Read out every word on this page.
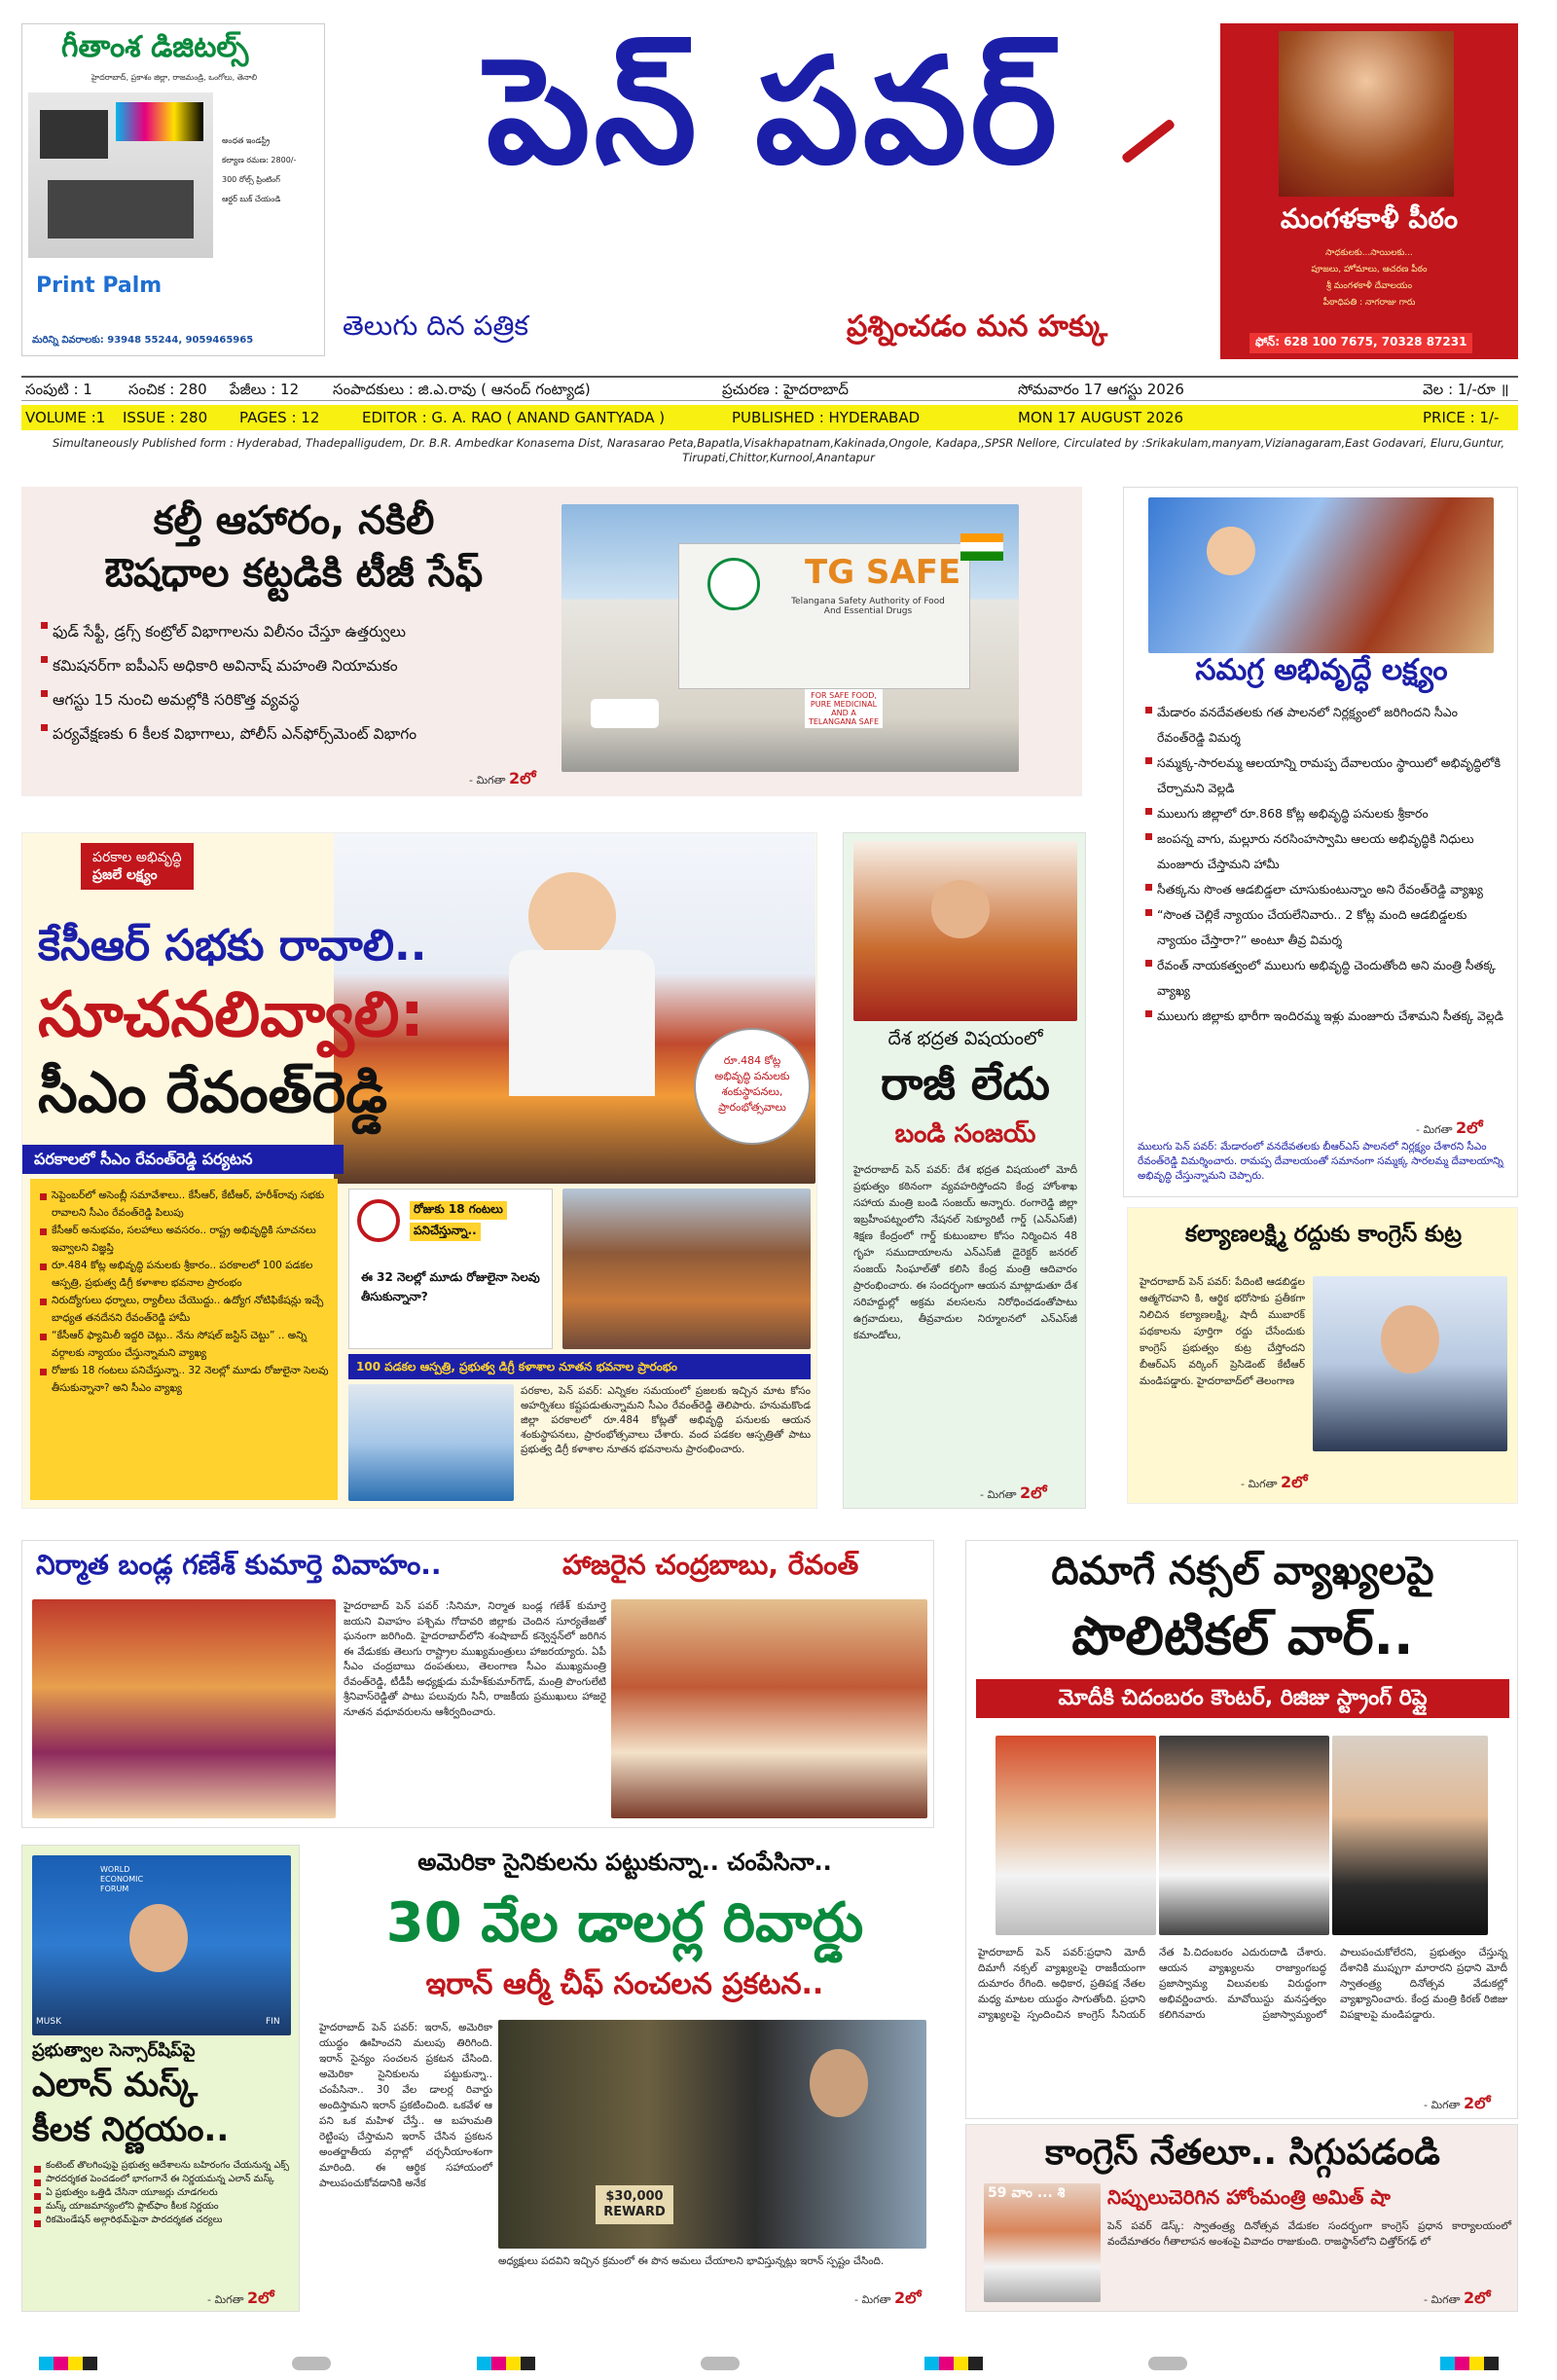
గీతాంశ డిజిటల్స్
హైదరాబాద్, ప్రకాశం జిల్లా, రాజమండ్రి, ఒంగోలు, తెనాలి
అంధత ఇండస్ట్రీ
కల్యాణ రమణ: 2800/-
300 రోల్స్ ప్రింటింగ్
ఆర్డర్ బుక్ చేయండి
Print Palm
మరిన్ని వివరాలకు: 93948 55244, 9059465965
పెన్ పవర్
తెలుగు దిన పత్రిక	ప్రశ్నించడం మన హక్కు
మంగళకాళీ పీఠం
సాధకులకు...సాయిలకు...
పూజలు, హోమాలు, ఆచరణ పీఠం
శ్రీ మంగళకాళీ దేవాలయం
పీఠాధిపతి : నాగరాజు గారు
ఫోన్: 628 100 7675, 70328 87231
సంపుటి : 1 సంచిక : 280 పేజీలు : 12 సంపాదకులు : జి.ఎ.రావు ( ఆనంద్ గంట్యాడ)	ప్రచురణ : హైదరాబాద్	సోమవారం 17 ఆగస్టు 2026	వెల : 1/-రూ ॥
VOLUME :1 ISSUE : 280 PAGES : 12	EDITOR : G. A. RAO ( ANAND GANTYADA )	PUBLISHED : HYDERABAD	MON 17 AUGUST 2026	PRICE : 1/-
Simultaneously Published form : Hyderabad, Thadepalligudem, Dr. B.R. Ambedkar Konasema Dist, Narasarao Peta,Bapatla,Visakhapatnam,Kakinada,Ongole, Kadapa,,SPSR Nellore, Circulated by :Srikakulam,manyam,Vizianagaram,East Godavari, Eluru,Guntur, Tirupati,Chittor,Kurnool,Anantapur
కల్తీ ఆహారం, నకిలీ
ఔషధాల కట్టడికి టీజీ సేఫ్
ఫుడ్ సేఫ్టీ, డ్రగ్స్ కంట్రోల్ విభాగాలను విలీనం చేస్తూ ఉత్తర్వులు
కమిషనర్‌గా ఐపీఎస్ అధికారి అవినాష్ మహంతి నియామకం
ఆగస్టు 15 నుంచి అమల్లోకి సరికొత్త వ్యవస్థ
పర్యవేక్షణకు 6 కీలక విభాగాలు, పోలీస్ ఎన్‌ఫోర్స్‌మెంట్ విభాగం
- మిగతా 2లో
TG SAFE
Telangana Safety Authority of Food And Essential Drugs
FOR SAFE FOOD, PURE MEDICINAL AND A TELANGANA SAFE
సమగ్ర అభివృద్ధే లక్ష్యం
మేడారం వనదేవతలకు గత పాలనలో నిర్లక్ష్యంలో జరిగిందని సీఎం రేవంత్‌రెడ్డి విమర్శ
సమ్మక్క-సారలమ్మ ఆలయాన్ని రామప్ప దేవాలయం స్థాయిలో అభివృద్ధిలోకి చేర్చామని వెల్లడి
ములుగు జిల్లాలో రూ.868 కోట్ల అభివృద్ధి పనులకు శ్రీకారం
జంపన్న వాగు, మల్లూరు నరసింహస్వామి ఆలయ అభివృద్ధికి నిధులు మంజూరు చేస్తామని హామీ
సీతక్కను సొంత ఆడబిడ్డలా చూసుకుంటున్నాం అని రేవంత్‌రెడ్డి వ్యాఖ్య
“సొంత చెల్లికే న్యాయం చేయలేనివారు.. 2 కోట్ల మంది ఆడబిడ్డలకు న్యాయం చేస్తారా?” అంటూ తీవ్ర విమర్శ
రేవంత్ నాయకత్వంలో ములుగు అభివృద్ధి చెందుతోంది అని మంత్రి సీతక్క వ్యాఖ్య
ములుగు జిల్లాకు భారీగా ఇందిరమ్మ ఇళ్లు మంజూరు చేశామని సీతక్క వెల్లడి
- మిగతా 2లో
ములుగు పెన్ పవర్: మేడారంలో వనదేవతలకు బీఆర్ఎస్ పాలనలో నిర్లక్ష్యం చేశారని సీఎం రేవంత్‌రెడ్డి విమర్శించారు. రామప్ప దేవాలయంతో సమానంగా సమ్మక్క సారలమ్మ దేవాలయాన్ని అభివృద్ధి చేస్తున్నామని చెప్పారు.
పరకాల అభివృద్ధి
ప్రజలే లక్ష్యం
కేసీఆర్ సభకు రావాలి..
సూచనలివ్వాలి:
సీఎం రేవంత్‌రెడ్డి	రూ.484 కోట్ల అభివృద్ధి పనులకు శంకుస్థాపనలు, ప్రారంభోత్సవాలు
పరకాలలో సీఎం రేవంత్‌రెడ్డి పర్యటన
సెప్టెంబర్‌లో అసెంబ్లీ సమావేశాలు.. కేసీఆర్, కేటీఆర్, హరీశ్‌రావు సభకు రావాలని సీఎం రేవంత్‌రెడ్డి పిలుపు
కేసీఆర్ అనుభవం, సలహాలు అవసరం.. రాష్ట్ర అభివృద్ధికి సూచనలు ఇవ్వాలని విజ్ఞప్తి
రూ.484 కోట్ల అభివృద్ధి పనులకు శ్రీకారం.. పరకాలలో 100 పడకల ఆస్పత్రి, ప్రభుత్వ డిగ్రీ కళాశాల భవనాల ప్రారంభం
నిరుద్యోగులు ధర్నాలు, ర్యాలీలు చేయొద్దు.. ఉద్యోగ నోటిఫికేషన్లు ఇచ్చే బాధ్యత తనదేనని రేవంత్‌రెడ్డి హామీ
“కేసీఆర్ ఫ్యామిలీ ఇద్దరి చెట్లు.. నేను సోషల్ జస్టిస్ చెట్టు” .. అన్ని వర్గాలకు న్యాయం చేస్తున్నామని వ్యాఖ్య
రోజుకు 18 గంటలు పనిచేస్తున్నా.. 32 నెలల్లో మూడు రోజులైనా సెలవు తీసుకున్నానా? అని సీఎం వ్యాఖ్య
రోజుకు 18 గంటలు
పనిచేస్తున్నా..
ఈ 32 నెలల్లో మూడు రోజులైనా సెలవు తీసుకున్నానా?
100 పడకల ఆస్పత్రి, ప్రభుత్వ డిగ్రీ కళాశాల నూతన భవనాల ప్రారంభం
పరకాల, పెన్ పవర్: ఎన్నికల సమయంలో ప్రజలకు ఇచ్చిన మాట కోసం అహర్నిశలు కష్టపడుతున్నామని సీఎం రేవంత్‌రెడ్డి తెలిపారు. హనుమకొండ జిల్లా పరకాలలో రూ.484 కోట్లతో అభివృద్ధి పనులకు ఆయన శంకుస్థాపనలు, ప్రారంభోత్సవాలు చేశారు. వంద పడకల ఆస్పత్రితో పాటు ప్రభుత్వ డిగ్రీ కళాశాల నూతన భవనాలను ప్రారంభించారు.
దేశ భద్రత విషయంలో
రాజీ లేదు
బండి సంజయ్
హైదరాబాద్ పెన్ పవర్: దేశ భద్రత విషయంలో మోదీ ప్రభుత్వం కఠినంగా వ్యవహరిస్తోందని కేంద్ర హోంశాఖ సహాయ మంత్రి బండి సంజయ్ అన్నారు. రంగారెడ్డి జిల్లా ఇబ్రహీంపట్నంలోని నేషనల్ సెక్యూరిటీ గార్డ్ (ఎన్ఎస్‌జీ) శిక్షణ కేంద్రంలో గార్డ్ కుటుంబాల కోసం నిర్మించిన 48 గృహ సముదాయాలను ఎన్ఎస్‌జీ డైరెక్టర్ జనరల్ సంజయ్ సింఘాల్‌తో కలిసి కేంద్ర మంత్రి ఆదివారం ప్రారంభించారు. ఈ సందర్భంగా ఆయన మాట్లాడుతూ దేశ సరిహద్దుల్లో అక్రమ వలసలను నిరోధించడంతోపాటు ఉగ్రవాదులు, తీవ్రవాదుల నిర్మూలనలో ఎన్ఎస్‌జీ కమాండోలు,
- మిగతా 2లో
కల్యాణలక్ష్మి రద్దుకు కాంగ్రెస్ కుట్ర
హైదరాబాద్ పెన్ పవర్: పేదింటి ఆడబిడ్డల ఆత్మగౌరవాని కి, ఆర్థిక భరోసాకు ప్రతీకగా నిలిచిన కల్యాణలక్ష్మి, షాదీ ముబారక్ పథకాలను పూర్తిగా రద్దు చేసేందుకు కాంగ్రెస్ ప్రభుత్వం కుట్ర చేస్తోందని బీఆర్ఎస్ వర్కింగ్ ప్రెసిడెంట్ కేటీఆర్ మండిపడ్డారు. హైదరాబాద్‌లో తెలంగాణ
- మిగతా 2లో
నిర్మాత బండ్ల గణేశ్ కుమార్తె వివాహం..	హాజరైన చంద్రబాబు, రేవంత్
హైదరాబాద్ పెన్ పవర్ :సినిమా, నిర్మాత బండ్ల గణేశ్ కుమార్తె జయని వివాహం పశ్చిమ గోదావరి జిల్లాకు చెందిన సూర్యతేజతో ఘనంగా జరిగింది. హైదరాబాద్‌లోని శంషాబాద్ కన్వెన్షన్‌లో జరిగిన ఈ వేడుకకు తెలుగు రాష్ట్రాల ముఖ్యమంత్రులు హాజరయ్యారు. ఏపీ సీఎం చంద్రబాబు దంపతులు, తెలంగాణ సీఎం ముఖ్యమంత్రి రేవంత్‌రెడ్డి, టీడీపీ అధ్యక్షుడు మహేశ్‌కుమార్‌గౌడ్, మంత్రి పొంగులేటి శ్రీనివాస్‌రెడ్డితో పాటు పలువురు సినీ, రాజకీయ ప్రముఖులు హాజరై నూతన వధూవరులను ఆశీర్వదించారు.
దిమాగే నక్సల్ వ్యాఖ్యలపై
పొలిటికల్ వార్..
మోదీకి చిదంబరం కౌంటర్, రిజిజు స్ట్రాంగ్ రిప్లై
హైదరాబాద్ పెన్ పవర్:ప్రధాని మోదీ దిమాగీ నక్సల్ వ్యాఖ్యలపై రాజకీయంగా దుమారం రేగింది. అధికార, ప్రతిపక్ష నేతల మధ్య మాటల యుద్ధం సాగుతోంది. ప్రధాని వ్యాఖ్యలపై స్పందించిన కాంగ్రెస్ సీనియర్ నేత పి.చిదంబరం ఎదురుదాడి చేశారు. ఆయన వ్యాఖ్యలను రాజ్యాంగబద్ధ ప్రజాస్వామ్య విలువలకు విరుద్ధంగా అభివర్ణించారు. మావోయిస్టు మనస్తత్వం కలిగినవారు ప్రజాస్వామ్యంలో పాలుపంచుకోలేరని, ప్రభుత్వం చేస్తున్న దేశానికి ముప్పుగా మారారని ప్రధాని మోదీ స్వాతంత్ర్య దినోత్సవ వేడుకల్లో వ్యాఖ్యానించారు. కేంద్ర మంత్రి కిరణ్ రిజిజు విపక్షాలపై మండిపడ్డారు.
- మిగతా 2లో
WORLD ECONOMIC FORUM
MUSK	FIN
ప్రభుత్వాల సెన్సార్‌షిప్‌పై
ఎలాన్ మస్క్
కీలక నిర్ణయం..
కంటెంట్ తొలగింపుపై ప్రభుత్వ ఆదేశాలను బహిరంగం చేయనున్న ఎక్స్
పారదర్శకత పెంచడంలో భాగంగానే ఈ నిర్ణయమన్న ఎలాన్ మస్క్
ఏ ప్రభుత్వం ఒత్తిడి చేసినా యూజర్లు చూడగలరు
మస్క్ యాజమాన్యంలోని ప్లాట్‌ఫాం కీలక నిర్ణయం
రికమెండేషన్ అల్గారిథమ్‌పైనా పారదర్శకత చర్యలు
- మిగతా 2లో
అమెరికా సైనికులను పట్టుకున్నా.. చంపేసినా..
30 వేల డాలర్ల రివార్డు
ఇరాన్ ఆర్మీ చీఫ్ సంచలన ప్రకటన..
హైదరాబాద్ పెన్ పవర్: ఇరాన్, అమెరికా యుద్ధం ఊహించని మలుపు తిరిగింది. ఇరాన్ సైన్యం సంచలన ప్రకటన చేసింది. అమెరికా సైనికులను పట్టుకున్నా.. చంపేసినా.. 30 వేల డాలర్ల రివార్డు అందిస్తామని ఇరాన్ ప్రకటించింది. ఒకవేళ ఆ పని ఒక మహిళ చేస్తే.. ఆ బహుమతి రెట్టింపు చేస్తామని ఇరాన్ చేసిన ప్రకటన అంతర్జాతీయ వర్గాల్లో చర్చనీయాంశంగా మారింది. ఈ ఆర్థిక సహాయంలో పాలుపంచుకోవడానికి అనేక
$30,000 REWARD
అధ్యక్షులు పదవిని ఇచ్చిన క్రమంలో ఈ పొన అమలు చేయాలని భావిస్తున్నట్లు ఇరాన్ స్పష్టం చేసింది.
- మిగతా 2లో
కాంగ్రెస్ నేతలూ.. సిగ్గుపడండి
59 వాం ... శి నిప్పులుచెరిగిన హోంమంత్రి అమిత్ షా
పెన్ పవర్ డెస్క్: స్వాతంత్ర్య దినోత్సవ వేడుకల సందర్భంగా కాంగ్రెస్ ప్రధాన కార్యాలయంలో వందేమాతరం గీతాలాపన అంశంపై వివాదం రాజుకుంది. రాజస్థాన్‌లోని చిత్తోర్‌గఢ్ లో
- మిగతా 2లో
